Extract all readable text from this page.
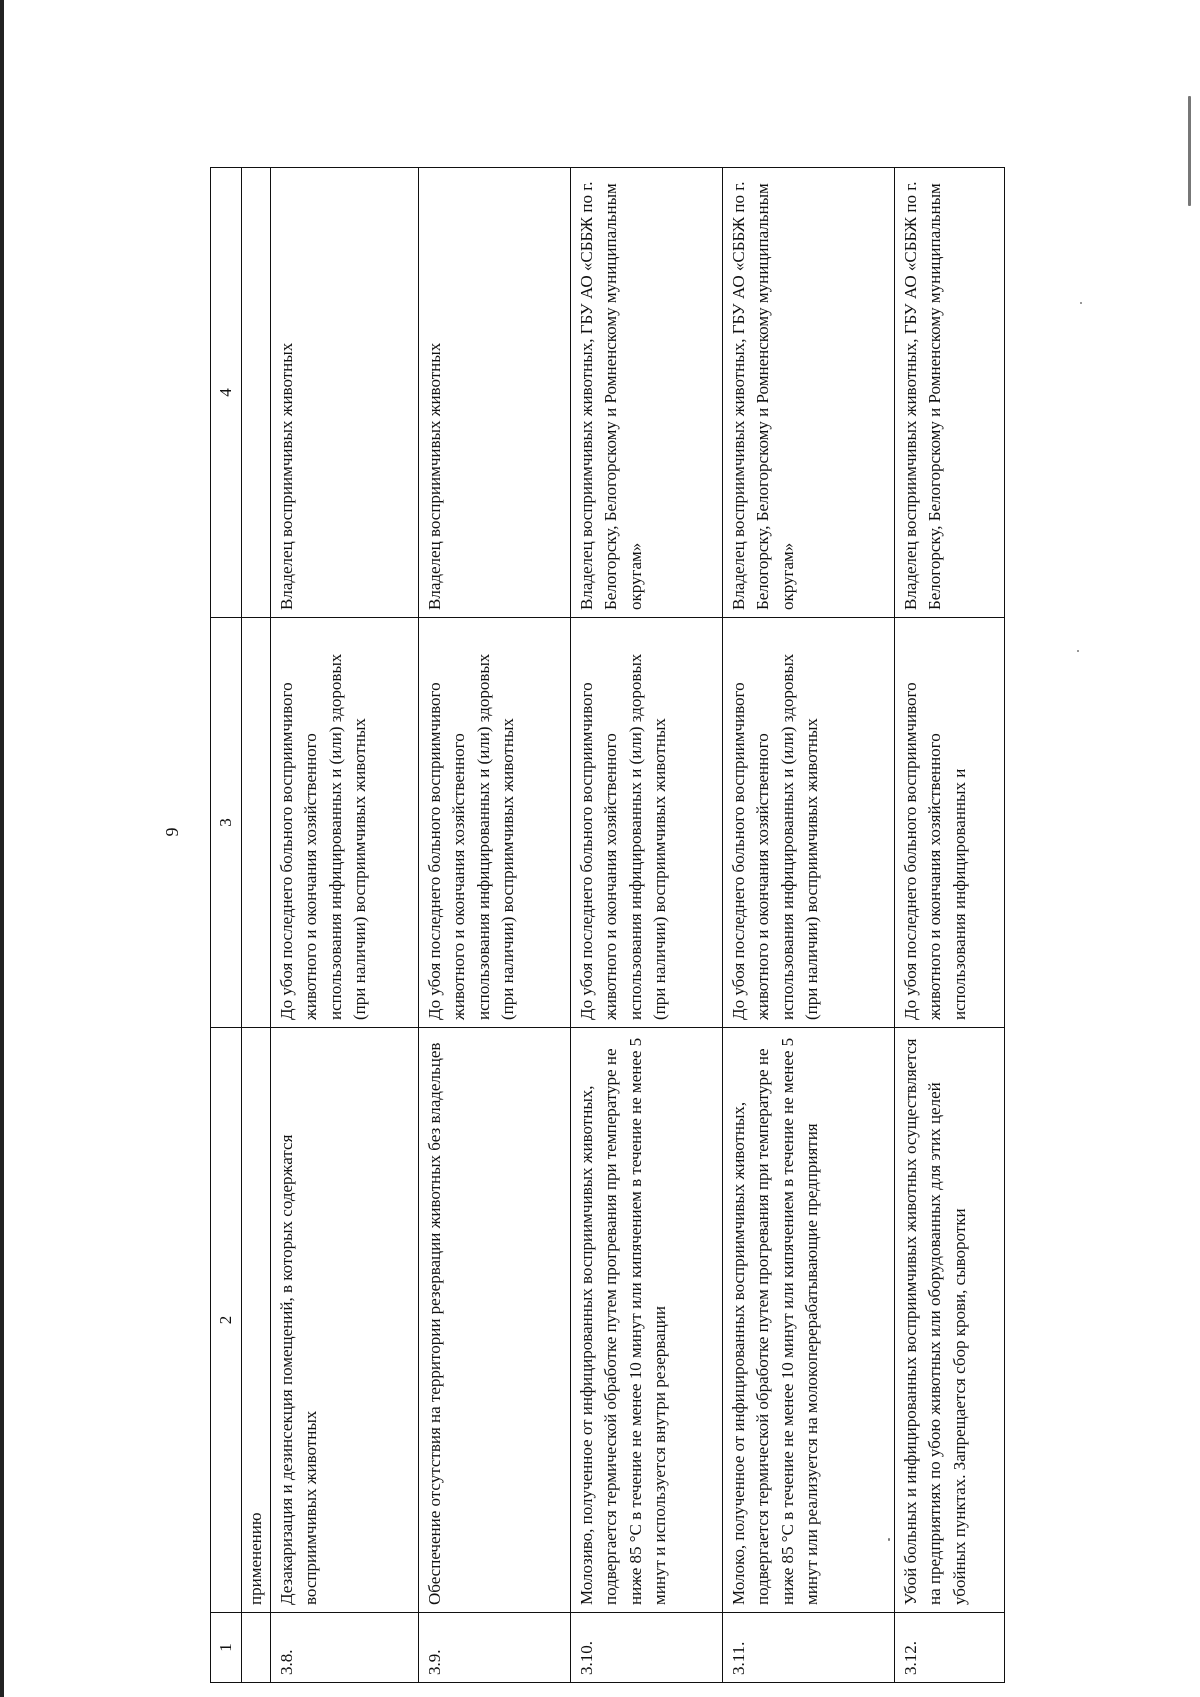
9
1	2	3	4
	применению		
3.8.	Дезакаризация и дезинсекция помещений, в которых содержатся восприимчивых животных	До убоя последнего больного восприимчивого животного и окончания хозяйственного использования инфицированных и (или) здоровых (при наличии) восприимчивых животных	Владелец восприимчивых животных
3.9.	Обеспечение отсутствия на территории резервации животных без владельцев	До убоя последнего больного восприимчивого животного и окончания хозяйственного использования инфицированных и (или) здоровых (при наличии) восприимчивых животных	Владелец восприимчивых животных
3.10.	Молозиво, полученное от инфицированных восприимчивых животных, подвергается термической обработке путем прогревания при температуре не ниже 85 °С в течение не менее 10 минут или кипячением в течение не менее 5 минут и используется внутри резервации	До убоя последнего больного восприимчивого животного и окончания хозяйственного использования инфицированных и (или) здоровых (при наличии) восприимчивых животных	Владелец восприимчивых животных, ГБУ АО «СББЖ по г. Белогорску, Белогорскому и Ромненскому муниципальным округам»
3.11.	Молоко, полученное от инфицированных восприимчивых животных, подвергается термической обработке путем прогревания при температуре не ниже 85 °С в течение не менее 10 минут или кипячением в течение не менее 5 минут или реализуется на молокоперерабатывающие предприятия	До убоя последнего больного восприимчивого животного и окончания хозяйственного использования инфицированных и (или) здоровых (при наличии) восприимчивых животных	Владелец восприимчивых животных, ГБУ АО «СББЖ по г. Белогорску, Белогорскому и Ромненскому муниципальным округам»
3.12.	Убой больных и инфицированных восприимчивых животных осуществляется на предприятиях по убою животных или оборудованных для этих целей убойных пунктах. Запрещается сбор крови, сыворотки	До убоя последнего больного восприимчивого животного и окончания хозяйственного использования инфицированных и	Владелец восприимчивых животных, ГБУ АО «СББЖ по г. Белогорску, Белогорскому и Ромненскому муниципальным
